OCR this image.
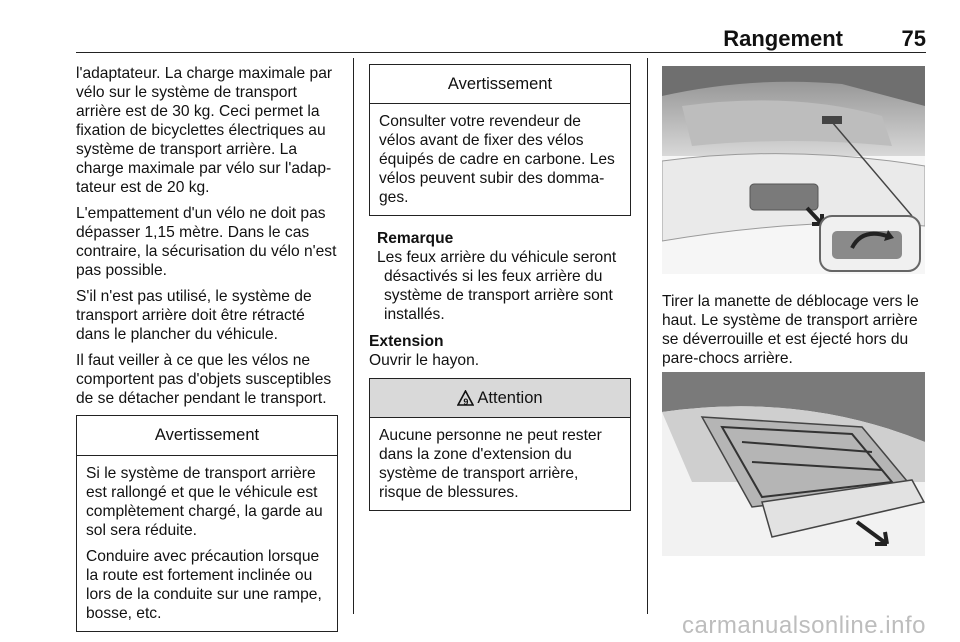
Rangement	75

l'adaptateur. La charge maximale par vélo sur le système de transport arrière est de 30 kg. Ceci permet la fixation de bicyclettes électriques au système de transport arrière. La charge maximale par vélo sur l'adap-tateur est de 20 kg.

L'empattement d'un vélo ne doit pas dépasser 1,15 mètre. Dans le cas contraire, la sécurisation du vélo n'est pas possible.

S'il n'est pas utilisé, le système de transport arrière doit être rétracté dans le plancher du véhicule.

Il faut veiller à ce que les vélos ne comportent pas d'objets susceptibles de se détacher pendant le transport.

Avertissement

Si le système de transport arrière est rallongé et que le véhicule est complètement chargé, la garde au sol sera réduite.

Conduire avec précaution lorsque la route est fortement inclinée ou lors de la conduite sur une rampe, bosse, etc.

Avertissement

Consulter votre revendeur de vélos avant de fixer des vélos équipés de cadre en carbone. Les vélos peuvent subir des domma-ges.

Remarque
Les feux arrière du véhicule seront désactivés si les feux arrière du système de transport arrière sont installés.
Extension
Ouvrir le hayon.
9 Attention

Aucune personne ne peut rester dans la zone d'extension du système de transport arrière, risque de blessures.

Tirer la manette de déblocage vers le haut. Le système de transport arrière se déverrouille et est éjecté hors du pare-chocs arrière.
carmanualsonline.info
